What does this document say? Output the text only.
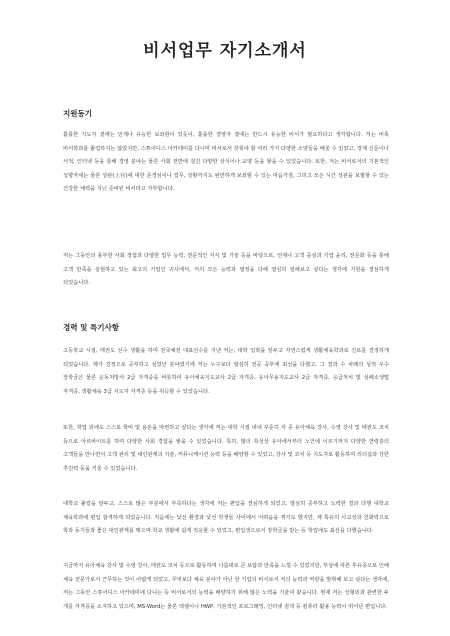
비서업무 자기소개서
지원동기
훌륭한 지도자 곁에는 언제나 유능한 보좌관이 있듯이, 훌륭한 경영자 곁에는 반드시 유능한 비서가 필요하다고 생각합니다. 저는 비록 비서학과를 졸업하지는 않았지만, 스튜어디스 아카데미를 다니며 비서로서 갖춰야 할 여러 가지 다양한 소양들을 배울 수 있었고, 경제 신문이나 서적, 인터넷 등을 통해 경영 분야는 물론 사회 전반에 걸친 다양한 상식이나 교양 등을 쌓을 수 있었습니다. 또한, 저는 비서로서의 기본적인 성향자세는 물론 상관(上官)에 대한 존경심이나 업무, 상황까지도 완만하게 보좌할 수 있는 마음가짐, 그리고 모든 시간 성관을 보필할 수 있는 건강한 체력을 지닌 준비된 비서라고 자부합니다.
저는 그동안의 풍부한 사회 경험과 다양한 업무 능력, 전문적인 지식 및 기술 등을 바탕으로, 언제나 고객 중심과 기업 윤리, 전문화 등을 통해 고객 만족을 실현하고 있는 최고의 기업인 귀사에서, 저의 모든 능력과 열정을 다해 열심히 일해보고 싶다는 생각에 지원을 결심하게 되었습니다.
경력 및 특기사항
고등학교 시절, 태권도 선수 생활을 하며 전국체전 대표선수를 지낸 저는, 대학 입학을 앞두고 자연스럽게 생활체육학과로 진로를 결정하게 되었습니다. 제가 진정으로 공부하고 싶었던 분야였기에 저는 누구보다 열심히 전공 공부에 최선을 다했고, 그 결과 수 차례의 성적 우수 장학금은 물론 운동처방사 2급 자격증을 비롯하여 유아체육지도교사 2급 자격증, 유아무용지도교사 2급 자격증, 응급처치 및 심폐소생법 자격증, 생활체육 3급 지도자 자격증 등을 취득할 수 있었습니다.
또한, 학업 외에도 스스로 학비 및 용돈을 마련하고 싶다는 생각에 저는 대학 시절 내내 꾸준히 각 종 유아체육 강사, 수영 강사 및 태권도 코치 등으로 아르바이트를 하며 다양한 사회 경험을 쌓을 수 있었습니다. 특히, 많의 특성상 유아에서부터 노인에 이르기까지 다양한 연령층의 고객들을 만나면서 고객 관리 및 대인관계의 기술, 커뮤니케이션 능력 등을 배양할 수 있었고, 강사 및 코치 등 지도자로 활동하며 리더십과 강한 추진력 등을 키울 수 있었습니다.
대학교 졸업을 앞두고, 스스로 많은 부분에서 부족하다는 생각에 저는 편입을 결심하게 되었고, 열심히 공부하고 노력한 결과 다행 대학교 체육학과에 편입 합격하게 되었습니다. 처음에는 낯선 환경과 낯선 학생들 사이에서 어려움을 겪기도 했지만, 제 특유의 사교성과 친화력으로 학과 동기들과 좋은 대인관계를 맺으며 학교 생활에 쉽게 적응할 수 있었고, 편입생으로서 장학금을 받는 등 학업에도 최선을 다했습니다.
지금까지 유아체육 강사 및 수영 강사, 태권도 코치 등으로 활동하며 나름대로 큰 보람과 만족을 느낄 수 있었지만, 부상에 따른 후유증으로 인해 체육 전문가로서 근무하는 것이 어렵게 되었고, 무엇보다 체육 분야가 아닌 한 기업의 비서로서 저의 능력과 역량을 발휘해 보고 싶다는 생각에, 저는 그동안 스튜어디스 아카데미에 다니는 등 비서로서의 능력을 배양하기 위해 많은 노력을 기울여 왔습니다. 현재 저는 성형외과 관련한 두 개를 자격증을 소지하고 있으며, MS-Word는 물론 엑셀이나 HWP, 기본적인 프로그래밍, 인터넷 검색 등 컴퓨터 활용 능력이 뛰어난 편입니다.
